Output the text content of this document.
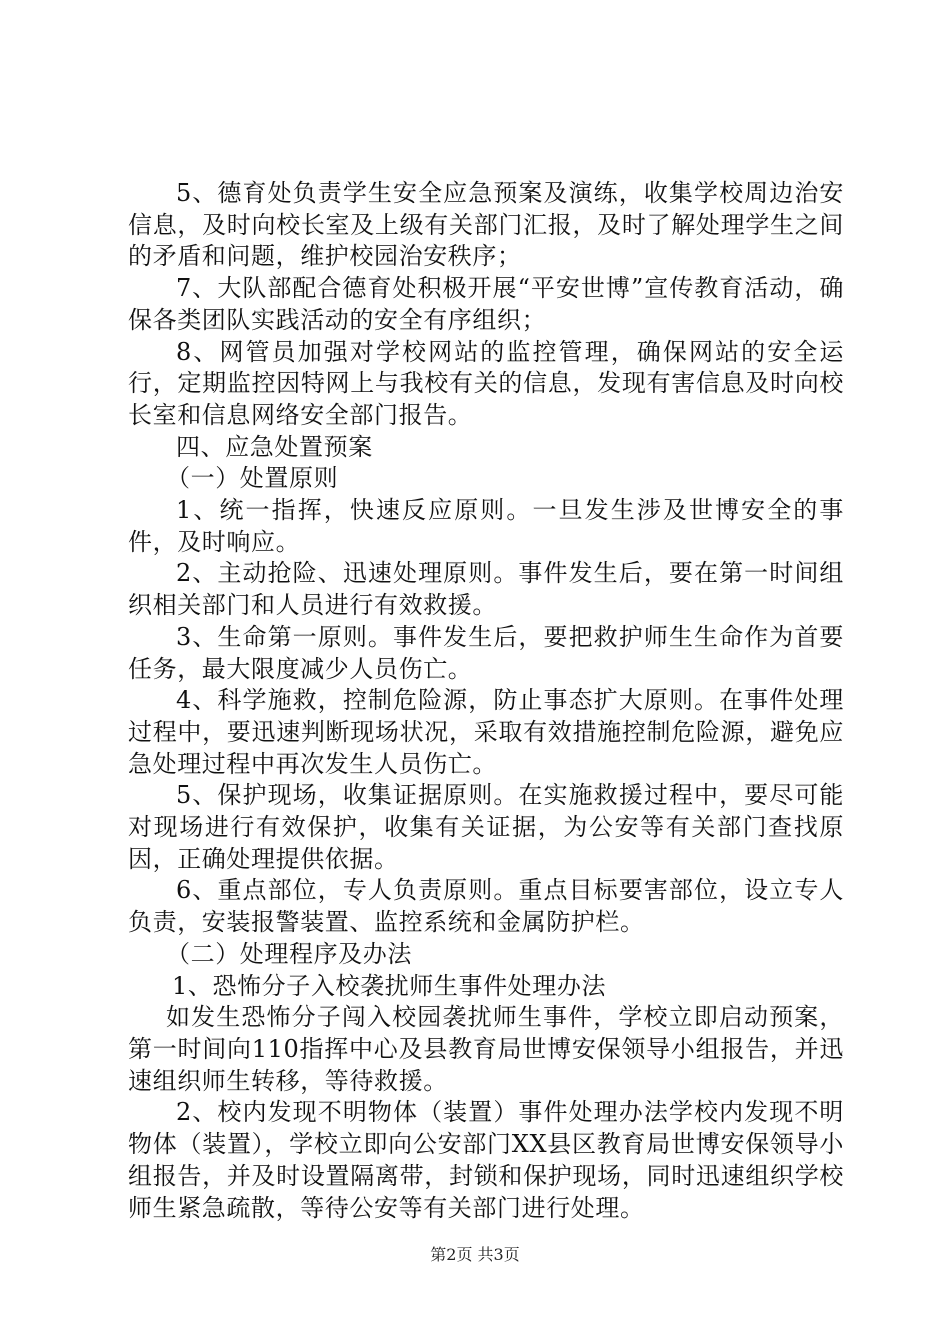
5、德育处负责学生安全应急预案及演练，收集学校周边治安信息，及时向校长室及上级有关部门汇报，及时了解处理学生之间的矛盾和问题，维护校园治安秩序；

7、大队部配合德育处积极开展“平安世博”宣传教育活动，确保各类团队实践活动的安全有序组织；

8、网管员加强对学校网站的监控管理，确保网站的安全运行，定期监控因特网上与我校有关的信息，发现有害信息及时向校长室和信息网络安全部门报告。

四、应急处置预案

（一）处置原则

1、统一指挥，快速反应原则。一旦发生涉及世博安全的事件，及时响应。

2、主动抢险、迅速处理原则。事件发生后，要在第一时间组织相关部门和人员进行有效救援。

3、生命第一原则。事件发生后，要把救护师生生命作为首要任务，最大限度减少人员伤亡。

4、科学施救，控制危险源，防止事态扩大原则。在事件处理过程中，要迅速判断现场状况，采取有效措施控制危险源，避免应急处理过程中再次发生人员伤亡。

5、保护现场，收集证据原则。在实施救援过程中，要尽可能对现场进行有效保护，收集有关证据，为公安等有关部门查找原因，正确处理提供依据。

6、重点部位，专人负责原则。重点目标要害部位，设立专人负责，安装报警装置、监控系统和金属防护栏。

（二）处理程序及办法

1、恐怖分子入校袭扰师生事件处理办法

如发生恐怖分子闯入校园袭扰师生事件，学校立即启动预案，第一时间向110指挥中心及县教育局世博安保领导小组报告，并迅速组织师生转移，等待救援。

2、校内发现不明物体（装置）事件处理办法学校内发现不明物体（装置），学校立即向公安部门XX县区教育局世博安保领导小组报告，并及时设置隔离带，封锁和保护现场，同时迅速组织学校师生紧急疏散，等待公安等有关部门进行处理。

第2页 共3页
